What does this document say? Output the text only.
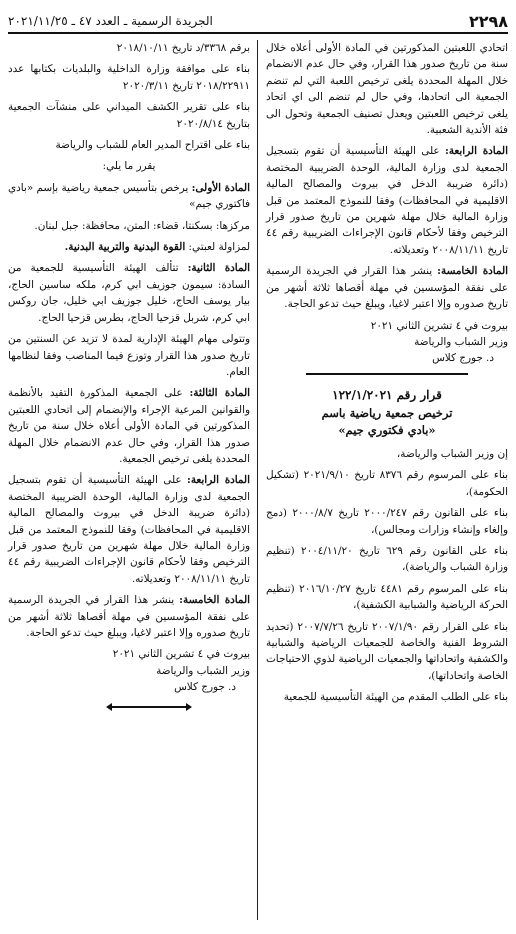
٢٢٩٨
الجريدة الرسمية ـ العدد ٤٧ ـ ٢٠٢١/١١/٢٥

اتحادي اللعبتين المذكورتين في المادة الأولى أعلاه خلال سنة من تاريخ صدور هذا القرار، وفي حال عدم الانضمام خلال المهلة المحددة يلغى ترخيص اللعبة التي لم تنضم الجمعية الى اتحادها، وفي حال لم تنضم الى اي اتحاد يلغى ترخيص اللعبتين ويعدل تصنيف الجمعية وتحول الى فئة الأندية الشعبية.

المادة الرابعة: على الهيئة التأسيسية أن تقوم بتسجيل الجمعية لدى وزارة المالية، الوحدة الضريبية المختصة (دائرة ضريبة الدخل في بيروت والمصالح المالية الاقليمية في المحافظات) وفقا للنموذج المعتمد من قبل وزارة المالية خلال مهلة شهرين من تاريخ صدور قرار الترخيص وفقا لأحكام قانون الإجراءات الضريبية رقم ٤٤ تاريخ ٢٠٠٨/١١/١١ وتعديلاته.

المادة الخامسة: ينشر هذا القرار في الجريدة الرسمية على نفقة المؤسسين في مهلة أقصاها ثلاثة أشهر من تاريخ صدوره وإلا اعتبر لاغيا، ويبلغ حيث تدعو الحاجة.

بيروت في ٤ تشرين الثاني ٢٠٢١

وزير الشباب والرياضة

د. جورج كلاس

قرار رقم ١٢٢/١/٢٠٢١

ترخيص جمعية رياضية باسم

«بادي فكتوري جيم»

إن وزير الشباب والرياضة،

بناء على المرسوم رقم ٨٣٧٦ تاريخ ٢٠٢١/٩/١٠ (تشكيل الحكومة)،

بناء على القانون رقم ٢٠٠٠/٢٤٧ تاريخ ٢٠٠٠/٨/٧ (دمج وإلغاء وإنشاء وزارات ومجالس)،

بناء على القانون رقم ٦٢٩ تاريخ ٢٠٠٤/١١/٢٠ (تنظيم وزارة الشباب والرياضة)،

بناء على المرسوم رقم ٤٤٨١ تاريخ ٢٠١٦/١٠/٢٧ (تنظيم الحركة الرياضية والشبابية الكشفية)،

بناء على القرار رقم ٢٠٠٧/١/٩٠ تاريخ ٢٠٠٧/٧/٢٦ (تحديد الشروط الفنية والخاصة للجمعيات الرياضية والشبابية والكشفية واتحاداتها والجمعيات الرياضية لذوي الاحتياجات الخاصة واتحاداتها)،

بناء على الطلب المقدم من الهيئة التأسيسية للجمعية

برقم ٣٣٦٨/د تاريخ ٢٠١٨/١٠/١١

بناء على موافقة وزارة الداخلية والبلديات بكتابها عدد ٢٠١٨/٢٢٩١١ تاريخ ٢٠٢٠/٣/١١

بناء على تقرير الكشف الميداني على منشآت الجمعية بتاريخ ٢٠٢٠/٨/١٤

بناء على اقتراح المدير العام للشباب والرياضة

يقرر ما يلي:

المادة الأولى: يرخص بتأسيس جمعية رياضية بإسم «بادي فاكتوري جيم»

مركزها: بسكنتا، قضاء: المتن، محافظة: جبل لبنان.

لمزاولة لعبتي: القوة البدنية والتربية البدنية.

المادة الثانية: تتألف الهيئة التأسيسية للجمعية من السادة: سيمون جوزيف ابي كرم، ملكه ساسين الحاج، بيار يوسف الحاج، خليل جوزيف ابي خليل، جان روكس ابي كرم، شربل قزحيا الحاج، بطرس قزحيا الحاج.

وتتولى مهام الهيئة الإدارية لمدة لا تزيد عن السنتين من تاريخ صدور هذا القرار وتوزع فيما المناصب وفقا لنظامها العام.

المادة الثالثة: على الجمعية المذكورة التقيد بالأنظمة والقوانين المرعية الإجراء والإنضمام إلى اتحادي اللعبتين المذكورتين في المادة الأولى أعلاه خلال سنة من تاريخ صدور هذا القرار، وفي حال عدم الانضمام خلال المهلة المحددة يلغى ترخيص الجمعية.

المادة الرابعة: على الهيئة التأسيسية أن تقوم بتسجيل الجمعية لدى وزارة المالية، الوحدة الضريبية المختصة (دائرة ضريبة الدخل في بيروت والمصالح المالية الاقليمية في المحافظات) وفقا للنموذج المعتمد من قبل وزارة المالية خلال مهلة شهرين من تاريخ صدور قرار الترخيص وفقا لأحكام قانون الإجراءات الضريبية رقم ٤٤ تاريخ ٢٠٠٨/١١/١١ وتعديلاته.

المادة الخامسة: ينشر هذا القرار في الجريدة الرسمية على نفقة المؤسسين في مهلة أقصاها ثلاثة أشهر من تاريخ صدوره وإلا اعتبر لاغيا، ويبلغ حيث تدعو الحاجة.

بيروت في ٤ تشرين الثاني ٢٠٢١

وزير الشباب والرياضة

د. جورج كلاس
